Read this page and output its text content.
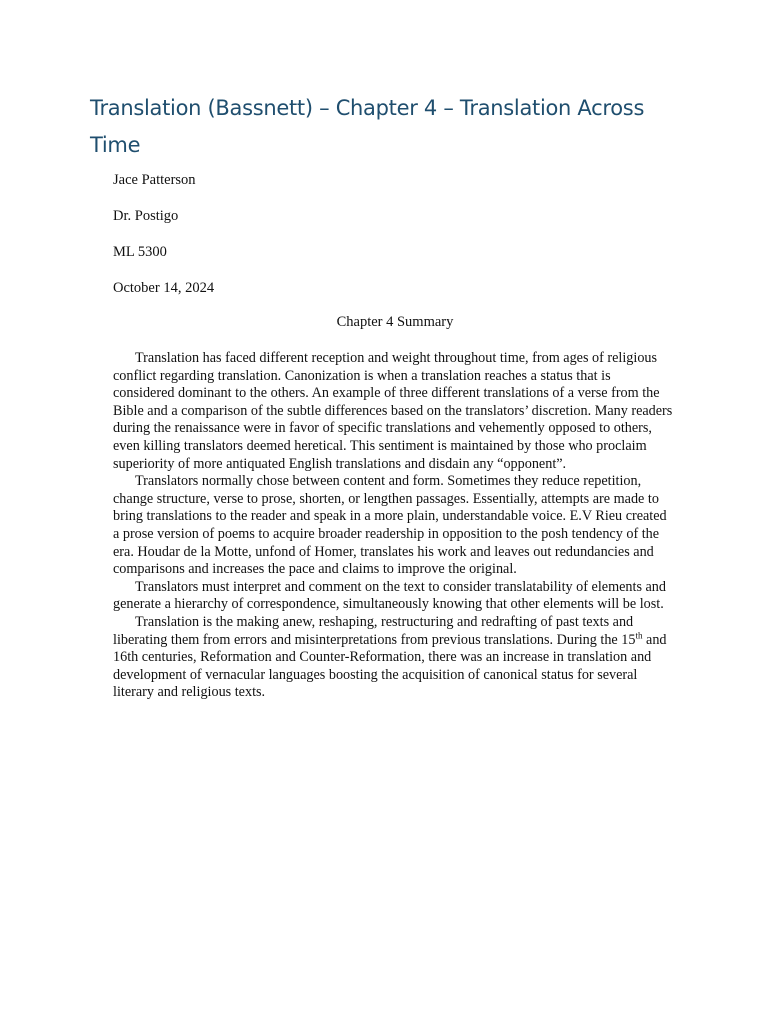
Translation (Bassnett) – Chapter 4 – Translation Across Time

Jace Patterson

Dr. Postigo

ML 5300

October 14, 2024

Chapter 4 Summary

Translation has faced different reception and weight throughout time, from ages of religious conflict regarding translation. Canonization is when a translation reaches a status that is considered dominant to the others. An example of three different translations of a verse from the Bible and a comparison of the subtle differences based on the translators’ discretion. Many readers during the renaissance were in favor of specific translations and vehemently opposed to others, even killing translators deemed heretical. This sentiment is maintained by those who proclaim superiority of more antiquated English translations and disdain any “opponent”.

Translators normally chose between content and form. Sometimes they reduce repetition, change structure, verse to prose, shorten, or lengthen passages. Essentially, attempts are made to bring translations to the reader and speak in a more plain, understandable voice. E.V Rieu created a prose version of poems to acquire broader readership in opposition to the posh tendency of the era. Houdar de la Motte, unfond of Homer, translates his work and leaves out redundancies and comparisons and increases the pace and claims to improve the original.

Translators must interpret and comment on the text to consider translatability of elements and generate a hierarchy of correspondence, simultaneously knowing that other elements will be lost.

Translation is the making anew, reshaping, restructuring and redrafting of past texts and liberating them from errors and misinterpretations from previous translations. During the 15th and 16th centuries, Reformation and Counter-Reformation, there was an increase in translation and development of vernacular languages boosting the acquisition of canonical status for several literary and religious texts.
